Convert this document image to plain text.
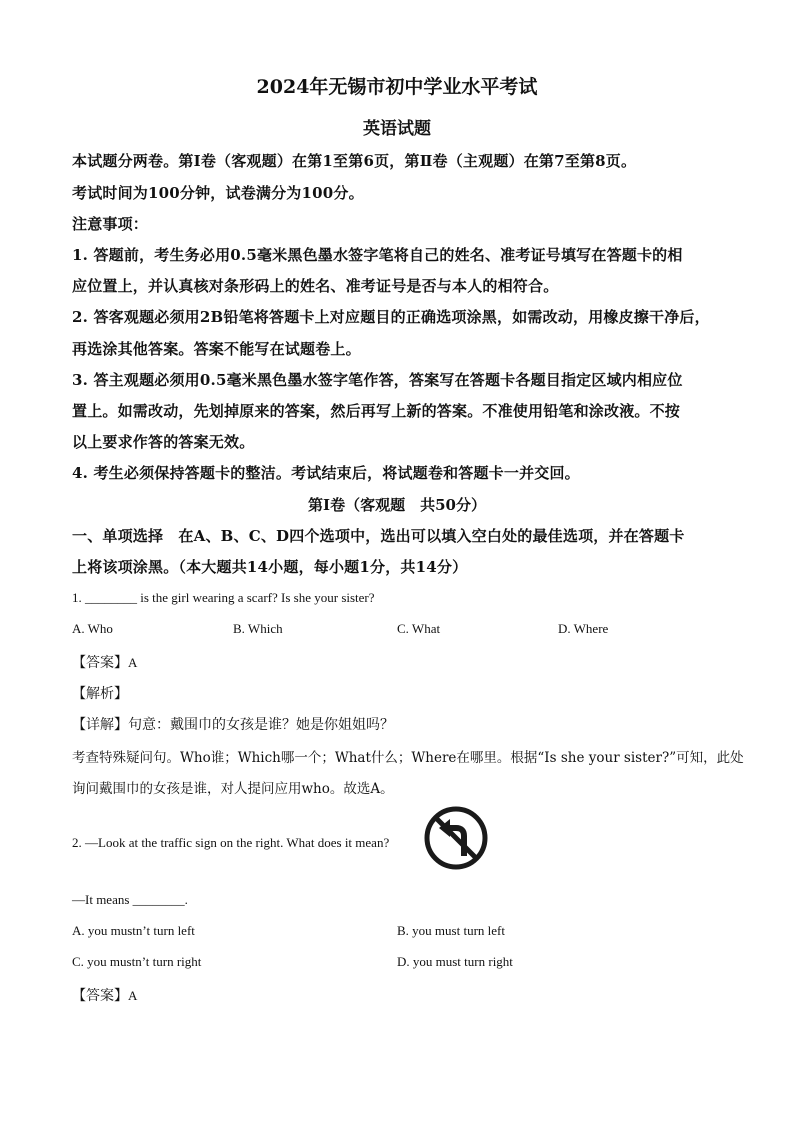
2024年无锡市初中学业水平考试
英语试题
本试题分两卷。第Ⅰ卷（客观题）在第1至第6页，第Ⅱ卷（主观题）在第7至第8页。
考试时间为100分钟，试卷满分为100分。
注意事项：
1. 答题前，考生务必用0.5毫米黑色墨水签字笔将自己的姓名、准考证号填写在答题卡的相
应位置上，并认真核对条形码上的姓名、准考证号是否与本人的相符合。
2. 答客观题必须用2B铅笔将答题卡上对应题目的正确选项涂黑，如需改动，用橡皮擦干净后，
再选涂其他答案。答案不能写在试题卷上。
3. 答主观题必须用0.5毫米黑色墨水签字笔作答，答案写在答题卡各题目指定区域内相应位
置上。如需改动，先划掉原来的答案，然后再写上新的答案。不准使用铅笔和涂改液。不按
以上要求作答的答案无效。
4. 考生必须保持答题卡的整洁。考试结束后，将试题卷和答题卡一并交回。
第Ⅰ卷（客观题　共50分）
一、单项选择　在A、B、C、D四个选项中，选出可以填入空白处的最佳选项，并在答题卡
上将该项涂黑。（本大题共14小题，每小题1分，共14分）
1. ________ is the girl wearing a scarf? Is she your sister?
A. Who	B. Which	C. What	D. Where
【答案】A
【解析】
【详解】句意：戴围巾的女孩是谁？她是你姐姐吗？
考查特殊疑问句。Who谁；Which哪一个；What什么；Where在哪里。根据“Is she your sister?”可知，此处
询问戴围巾的女孩是谁，对人提问应用who。故选A。
2. —Look at the traffic sign on the right. What does it mean?
—It means ________.
A. you mustn’t turn left	B. you must turn left
C. you mustn’t turn right	D. you must turn right
【答案】A
